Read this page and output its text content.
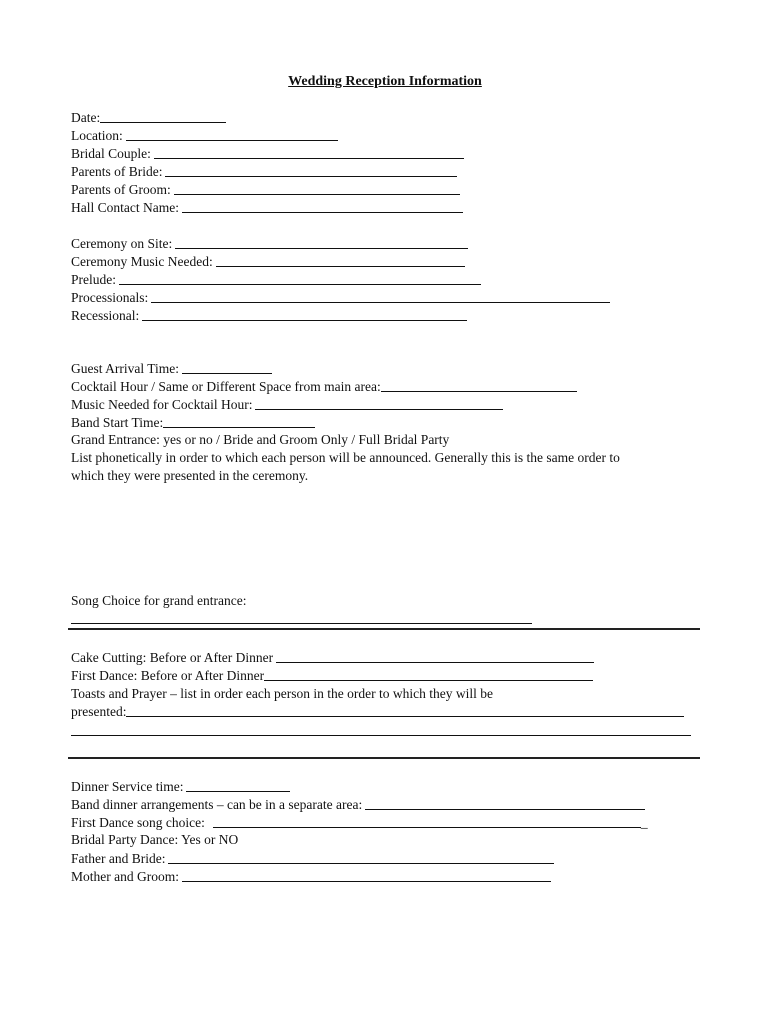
Wedding Reception Information
Date:
Location:
Bridal Couple:
Parents of Bride:
Parents of Groom:
Hall Contact Name:
Ceremony on Site:
Ceremony Music Needed:
Prelude:
Processionals:
Recessional:
Guest Arrival Time:
Cocktail Hour / Same or Different Space from main area:
Music Needed for Cocktail Hour:
Band Start Time:
Grand Entrance: yes or no / Bride and Groom Only / Full Bridal Party
List phonetically in order to which each person will be announced. Generally this is the same order to
which they were presented in the ceremony.
Song Choice for grand entrance:
Cake Cutting: Before or After Dinner
First Dance: Before or After Dinner
Toasts and Prayer – list in order each person in the order to which they will be
presented:
Dinner Service time:
Band dinner arrangements – can be in a separate area:
First Dance song choice:	_
Bridal Party Dance: Yes or NO
Father and Bride:
Mother and Groom:
